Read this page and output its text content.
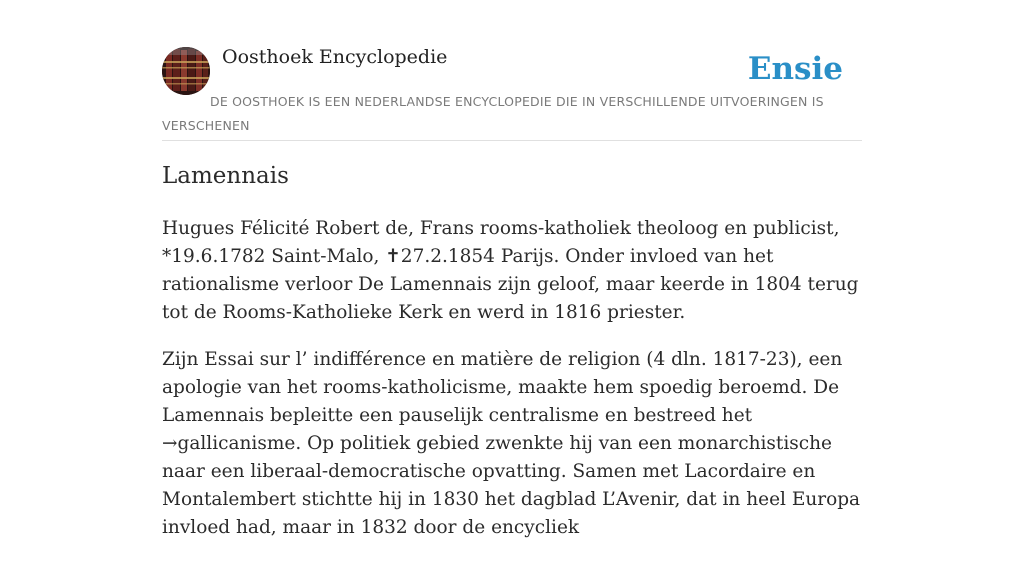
Oosthoek Encyclopedie	Ensie
DE OOSTHOEK IS EEN NEDERLANDSE ENCYCLOPEDIE DIE IN VERSCHILLENDE UITVOERINGEN IS VERSCHENEN
Lamennais

Hugues Félicité Robert de, Frans rooms-katholiek theoloog en publicist, *19.6.1782 Saint-Malo, ✝27.2.1854 Parijs. Onder invloed van het rationalisme verloor De Lamennais zijn geloof, maar keerde in 1804 terug tot de Rooms-Katholieke Kerk en werd in 1816 priester.

Zijn Essai sur l’ indifférence en matière de religion (4 dln. 1817-23), een apologie van het rooms-katholicisme, maakte hem spoedig beroemd. De Lamennais bepleitte een pauselijk centralisme en bestreed het →gallicanisme. Op politiek gebied zwenkte hij van een monarchistische naar een liberaal-democratische opvatting. Samen met Lacordaire en Montalembert stichtte hij in 1830 het dagblad L’Avenir, dat in heel Europa invloed had, maar in 1832 door de encycliek
